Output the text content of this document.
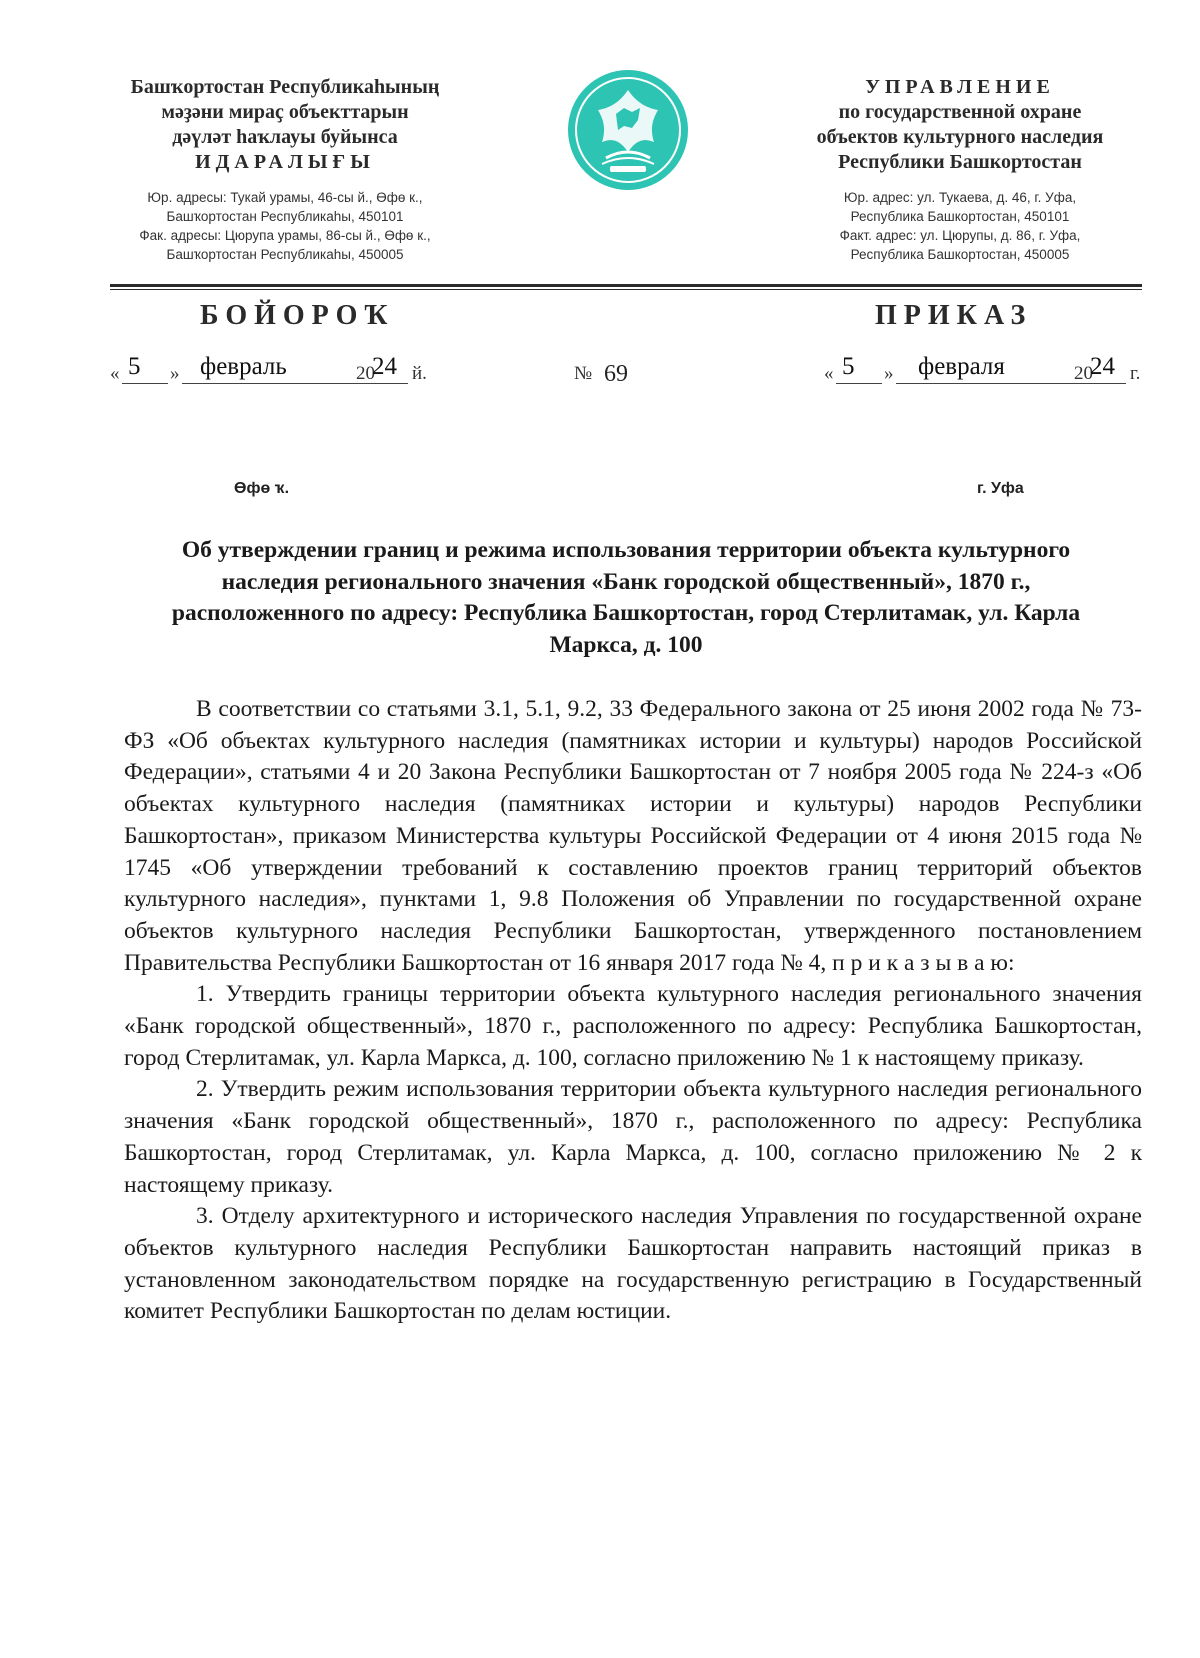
Башҡортостан Республикаһының
мәҙәни мираҫ объекттарын
дәүләт һаҡлауы буйынса
ИДАРАЛЫҒЫ
Юр. адресы: Тукай урамы, 46-сы й., Өфө к.,
Башҡортостан Республикаһы, 450101
Фак. адресы: Цюрупа урамы, 86-сы й., Өфө к.,
Башҡортостан Республикаһы, 450005
УПРАВЛЕНИЕ
по государственной охране
объектов культурного наследия
Республики Башкортостан
Юр. адрес: ул. Тукаева, д. 46, г. Уфа,
Республика Башкортостан, 450101
Факт. адрес: ул. Цюрупы, д. 86, г. Уфа,
Республика Башкортостан, 450005
БОЙОРОҠ	ПРИКАЗ
« 5 » февраль	20
24 й.	№ 69	« 5 » февраля	20
24 г.
Өфө ҡ.	г. Уфа
Об утверждении границ и режима использования территории объекта культурного наследия регионального значения «Банк городской общественный», 1870 г., расположенного по адресу: Республика Башкортостан, город Стерлитамак, ул. Карла Маркса, д. 100

В соответствии со статьями 3.1, 5.1, 9.2, 33 Федерального закона от 25 июня 2002 года № 73-ФЗ «Об объектах культурного наследия (памятниках истории и культуры) народов Российской Федерации», статьями 4 и 20 Закона Республики Башкортостан от 7 ноября 2005 года № 224-з «Об объектах культурного наследия (памятниках истории и культуры) народов Республики Башкортостан», приказом Министерства культуры Российской Федерации от 4 июня 2015 года № 1745 «Об утверждении требований к составлению проектов границ территорий объектов культурного наследия», пунктами 1, 9.8 Положения об Управлении по государственной охране объектов культурного наследия Республики Башкортостан, утвержденного постановлением Правительства Республики Башкортостан от 16 января 2017 года № 4, п р и к а з ы в а ю:

1. Утвердить границы территории объекта культурного наследия регионального значения «Банк городской общественный», 1870 г., расположенного по адресу: Республика Башкортостан, город Стерлитамак, ул. Карла Маркса, д. 100, согласно приложению № 1 к настоящему приказу.

2. Утвердить режим использования территории объекта культурного наследия регионального значения «Банк городской общественный», 1870 г., расположенного по адресу: Республика Башкортостан, город Стерлитамак, ул. Карла Маркса, д. 100, согласно приложению № 2 к настоящему приказу.

3. Отделу архитектурного и исторического наследия Управления по государственной охране объектов культурного наследия Республики Башкортостан направить настоящий приказ в установленном законодательством порядке на государственную регистрацию в Государственный комитет Республики Башкортостан по делам юстиции.
